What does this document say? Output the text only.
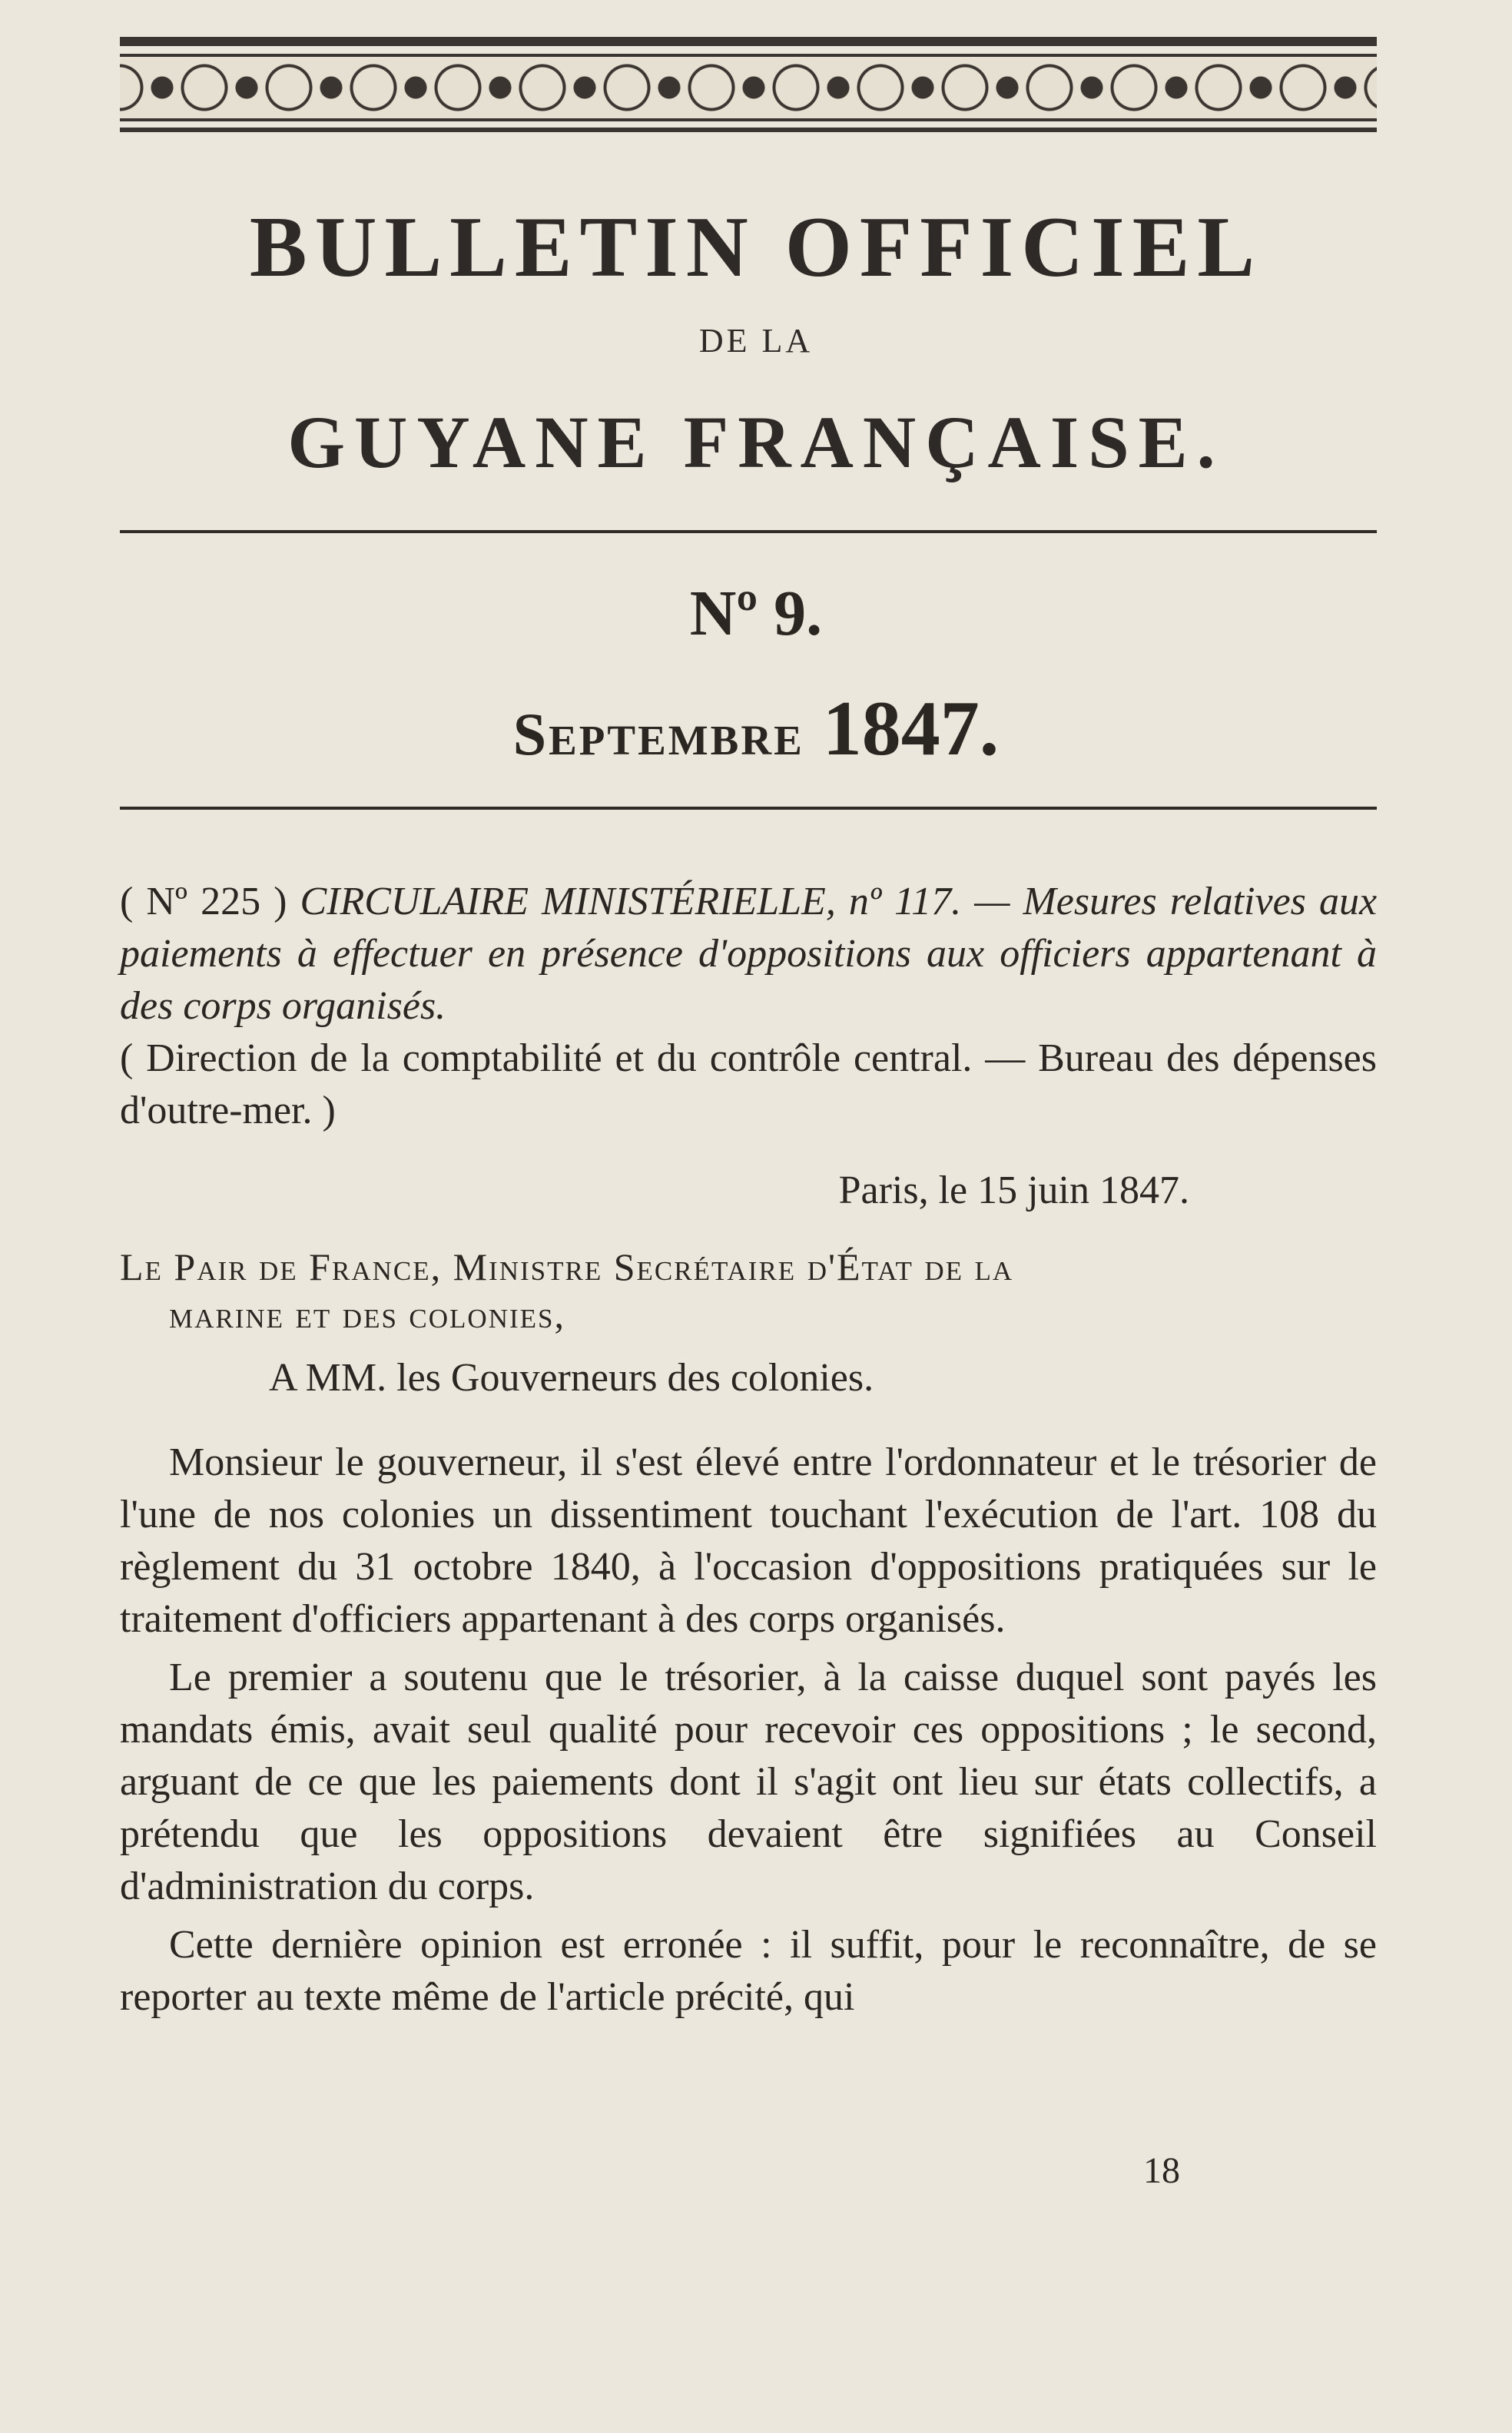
BULLETIN OFFICIEL
DE LA
GUYANE FRANÇAISE.
Nº 9.
Septembre 1847.
( Nº 225 ) CIRCULAIRE MINISTÉRIELLE, nº 117. — Mesures relatives aux paiements à effectuer en présence d'oppositions aux officiers appartenant à des corps organisés.
( Direction de la comptabilité et du contrôle central. — Bureau des dépenses d'outre-mer. )
Paris, le 15 juin 1847.
Le Pair de France, Ministre Secrétaire d'État de la
marine et des colonies,
A MM. les Gouverneurs des colonies.

Monsieur le gouverneur, il s'est élevé entre l'ordonnateur et le trésorier de l'une de nos colonies un dissentiment touchant l'exécution de l'art. 108 du règlement du 31 octobre 1840, à l'occasion d'oppositions pratiquées sur le traitement d'officiers appartenant à des corps organisés.

Le premier a soutenu que le trésorier, à la caisse duquel sont payés les mandats émis, avait seul qualité pour recevoir ces oppositions ; le second, arguant de ce que les paiements dont il s'agit ont lieu sur états collectifs, a prétendu que les oppositions devaient être signifiées au Conseil d'administration du corps.

Cette dernière opinion est erronée : il suffit, pour le reconnaître, de se reporter au texte même de l'article précité, qui

18
